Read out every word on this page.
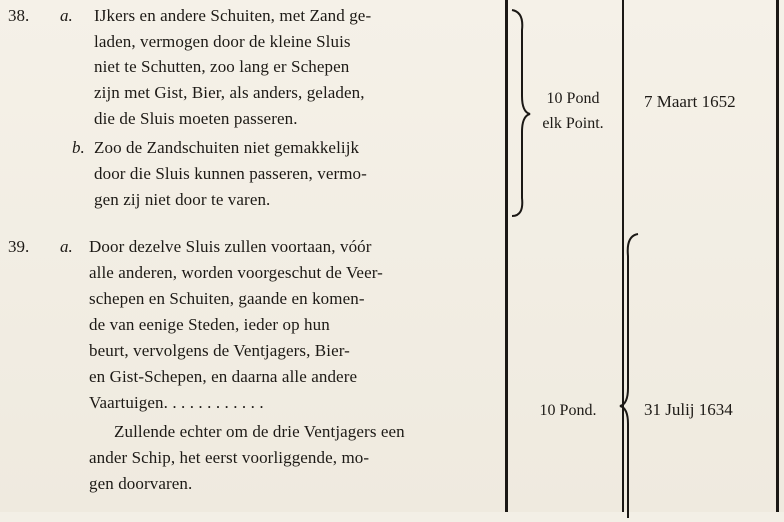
38. a. IJkers en andere Schuiten, met Zand ge-
laden, vermogen door de kleine Sluis
niet te Schutten, zoo lang er Schepen
zijn met Gist, Bier, als anders, geladen,
die de Sluis moeten passeren.
b. Zoo de Zandschuiten niet gemakkelijk
door die Sluis kunnen passeren, vermo-
gen zij niet door te varen.
10 Pond
elk Point.
7 Maart 1652
39. a. Door dezelve Sluis zullen voortaan, vóór
alle anderen, worden voorgeschut de Veer-
schepen en Schuiten, gaande en komen-
de van eenige Steden, ieder op hun
beurt, vervolgens de Ventjagers, Bier-
en Gist-Schepen, en daarna alle andere
Vaartuigen. . . . . . . . . . . .
Zullende echter om de drie Ventjagers een
ander Schip, het eerst voorliggende, mo-
gen doorvaren.
10 Pond.	31 Julij 1634
